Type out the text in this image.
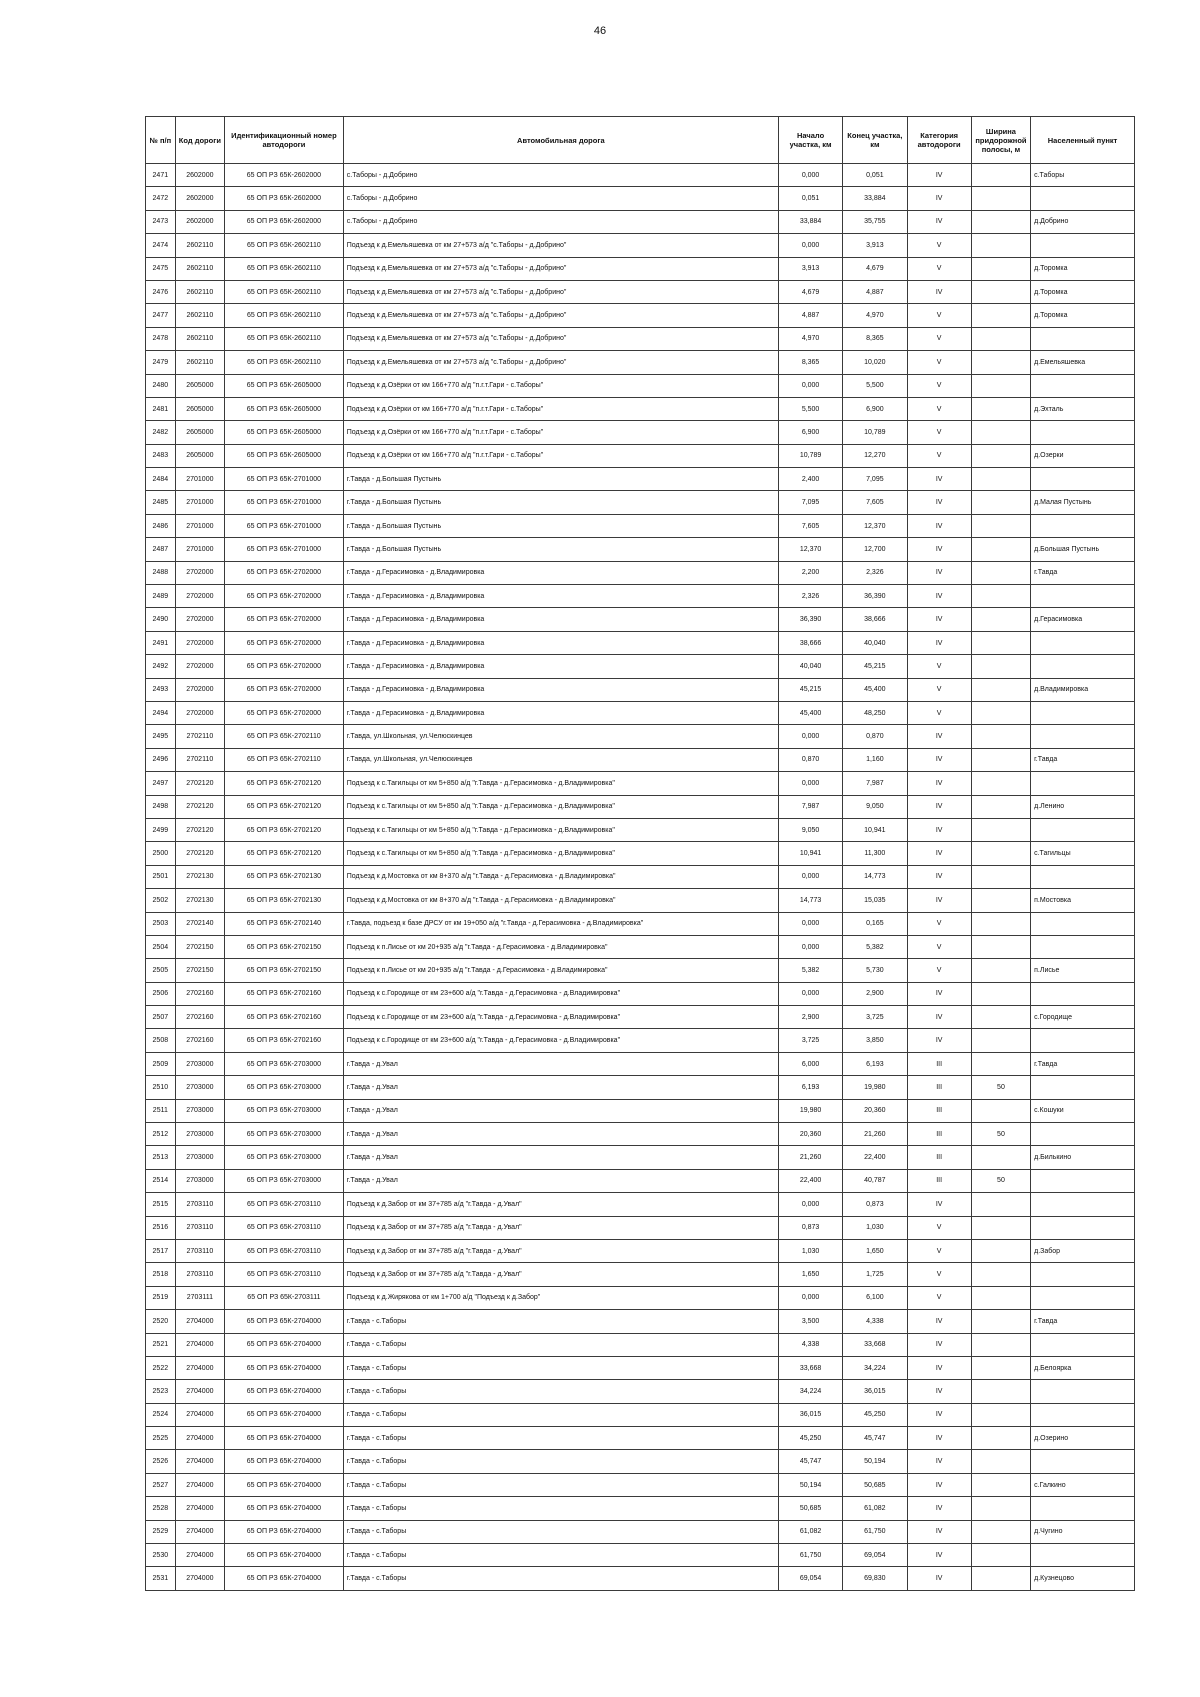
46
№ п/п	Код дороги	Идентификационный номер автодороги	Автомобильная дорога	Начало участка, км	Конец участка, км	Категория автодороги	Ширина придорожной полосы, м	Населенный пункт
2471	2602000	65 ОП РЗ 65К-2602000	с.Таборы - д.Добрино	0,000	0,051	IV		с.Таборы
2472	2602000	65 ОП РЗ 65К-2602000	с.Таборы - д.Добрино	0,051	33,884	IV		
2473	2602000	65 ОП РЗ 65К-2602000	с.Таборы - д.Добрино	33,884	35,755	IV		д.Добрино
2474	2602110	65 ОП РЗ 65К-2602110	Подъезд к д.Емельяшевка от км 27+573 а/д "с.Таборы - д.Добрино"	0,000	3,913	V		
2475	2602110	65 ОП РЗ 65К-2602110	Подъезд к д.Емельяшевка от км 27+573 а/д "с.Таборы - д.Добрино"	3,913	4,679	V		д.Торомка
2476	2602110	65 ОП РЗ 65К-2602110	Подъезд к д.Емельяшевка от км 27+573 а/д "с.Таборы - д.Добрино"	4,679	4,887	IV		д.Торомка
2477	2602110	65 ОП РЗ 65К-2602110	Подъезд к д.Емельяшевка от км 27+573 а/д "с.Таборы - д.Добрино"	4,887	4,970	V		д.Торомка
2478	2602110	65 ОП РЗ 65К-2602110	Подъезд к д.Емельяшевка от км 27+573 а/д "с.Таборы - д.Добрино"	4,970	8,365	V		
2479	2602110	65 ОП РЗ 65К-2602110	Подъезд к д.Емельяшевка от км 27+573 а/д "с.Таборы - д.Добрино"	8,365	10,020	V		д.Емельяшевка
2480	2605000	65 ОП РЗ 65К-2605000	Подъезд к д.Озёрки от км 166+770 а/д "п.г.т.Гари - с.Таборы"	0,000	5,500	V		
2481	2605000	65 ОП РЗ 65К-2605000	Подъезд к д.Озёрки от км 166+770 а/д "п.г.т.Гари - с.Таборы"	5,500	6,900	V		д.Эхталь
2482	2605000	65 ОП РЗ 65К-2605000	Подъезд к д.Озёрки от км 166+770 а/д "п.г.т.Гари - с.Таборы"	6,900	10,789	V		
2483	2605000	65 ОП РЗ 65К-2605000	Подъезд к д.Озёрки от км 166+770 а/д "п.г.т.Гари - с.Таборы"	10,789	12,270	V		д.Озерки
2484	2701000	65 ОП РЗ 65К-2701000	г.Тавда - д.Большая Пустынь	2,400	7,095	IV		
2485	2701000	65 ОП РЗ 65К-2701000	г.Тавда - д.Большая Пустынь	7,095	7,605	IV		д.Малая Пустынь
2486	2701000	65 ОП РЗ 65К-2701000	г.Тавда - д.Большая Пустынь	7,605	12,370	IV		
2487	2701000	65 ОП РЗ 65К-2701000	г.Тавда - д.Большая Пустынь	12,370	12,700	IV		д.Большая Пустынь
2488	2702000	65 ОП РЗ 65К-2702000	г.Тавда - д.Герасимовка - д.Владимировка	2,200	2,326	IV		г.Тавда
2489	2702000	65 ОП РЗ 65К-2702000	г.Тавда - д.Герасимовка - д.Владимировка	2,326	36,390	IV		
2490	2702000	65 ОП РЗ 65К-2702000	г.Тавда - д.Герасимовка - д.Владимировка	36,390	38,666	IV		д.Герасимовка
2491	2702000	65 ОП РЗ 65К-2702000	г.Тавда - д.Герасимовка - д.Владимировка	38,666	40,040	IV		
2492	2702000	65 ОП РЗ 65К-2702000	г.Тавда - д.Герасимовка - д.Владимировка	40,040	45,215	V		
2493	2702000	65 ОП РЗ 65К-2702000	г.Тавда - д.Герасимовка - д.Владимировка	45,215	45,400	V		д.Владимировка
2494	2702000	65 ОП РЗ 65К-2702000	г.Тавда - д.Герасимовка - д.Владимировка	45,400	48,250	V		
2495	2702110	65 ОП РЗ 65К-2702110	г.Тавда, ул.Школьная, ул.Челюскинцев	0,000	0,870	IV		
2496	2702110	65 ОП РЗ 65К-2702110	г.Тавда, ул.Школьная, ул.Челюскинцев	0,870	1,160	IV		г.Тавда
2497	2702120	65 ОП РЗ 65К-2702120	Подъезд к с.Тагильцы от км 5+850 а/д "г.Тавда - д.Герасимовка - д.Владимировка"	0,000	7,987	IV		
2498	2702120	65 ОП РЗ 65К-2702120	Подъезд к с.Тагильцы от км 5+850 а/д "г.Тавда - д.Герасимовка - д.Владимировка"	7,987	9,050	IV		д.Ленино
2499	2702120	65 ОП РЗ 65К-2702120	Подъезд к с.Тагильцы от км 5+850 а/д "г.Тавда - д.Герасимовка - д.Владимировка"	9,050	10,941	IV		
2500	2702120	65 ОП РЗ 65К-2702120	Подъезд к с.Тагильцы от км 5+850 а/д "г.Тавда - д.Герасимовка - д.Владимировка"	10,941	11,300	IV		с.Тагильцы
2501	2702130	65 ОП РЗ 65К-2702130	Подъезд к д.Мостовка от км 8+370 а/д "г.Тавда - д.Герасимовка - д.Владимировка"	0,000	14,773	IV		
2502	2702130	65 ОП РЗ 65К-2702130	Подъезд к д.Мостовка от км 8+370 а/д "г.Тавда - д.Герасимовка - д.Владимировка"	14,773	15,035	IV		п.Мостовка
2503	2702140	65 ОП РЗ 65К-2702140	г.Тавда, подъезд к базе ДРСУ от км 19+050 а/д "г.Тавда - д.Герасимовка - д.Владимировка"	0,000	0,165	V		
2504	2702150	65 ОП РЗ 65К-2702150	Подъезд к п.Лисье от км 20+935 а/д "г.Тавда - д.Герасимовка - д.Владимировка"	0,000	5,382	V		
2505	2702150	65 ОП РЗ 65К-2702150	Подъезд к п.Лисье от км 20+935 а/д "г.Тавда - д.Герасимовка - д.Владимировка"	5,382	5,730	V		п.Лисье
2506	2702160	65 ОП РЗ 65К-2702160	Подъезд к с.Городище от км 23+600 а/д "г.Тавда - д.Герасимовка - д.Владимировка"	0,000	2,900	IV		
2507	2702160	65 ОП РЗ 65К-2702160	Подъезд к с.Городище от км 23+600 а/д "г.Тавда - д.Герасимовка - д.Владимировка"	2,900	3,725	IV		с.Городище
2508	2702160	65 ОП РЗ 65К-2702160	Подъезд к с.Городище от км 23+600 а/д "г.Тавда - д.Герасимовка - д.Владимировка"	3,725	3,850	IV		
2509	2703000	65 ОП РЗ 65К-2703000	г.Тавда - д.Увал	6,000	6,193	III		г.Тавда
2510	2703000	65 ОП РЗ 65К-2703000	г.Тавда - д.Увал	6,193	19,980	III	50	
2511	2703000	65 ОП РЗ 65К-2703000	г.Тавда - д.Увал	19,980	20,360	III		с.Кошуки
2512	2703000	65 ОП РЗ 65К-2703000	г.Тавда - д.Увал	20,360	21,260	III	50	
2513	2703000	65 ОП РЗ 65К-2703000	г.Тавда - д.Увал	21,260	22,400	III		д.Билькино
2514	2703000	65 ОП РЗ 65К-2703000	г.Тавда - д.Увал	22,400	40,787	III	50	
2515	2703110	65 ОП РЗ 65К-2703110	Подъезд к д.Забор от км 37+785 а/д "г.Тавда - д.Увал"	0,000	0,873	IV		
2516	2703110	65 ОП РЗ 65К-2703110	Подъезд к д.Забор от км 37+785 а/д "г.Тавда - д.Увал"	0,873	1,030	V		
2517	2703110	65 ОП РЗ 65К-2703110	Подъезд к д.Забор от км 37+785 а/д "г.Тавда - д.Увал"	1,030	1,650	V		д.Забор
2518	2703110	65 ОП РЗ 65К-2703110	Подъезд к д.Забор от км 37+785 а/д "г.Тавда - д.Увал"	1,650	1,725	V		
2519	2703111	65 ОП РЗ 65К-2703111	Подъезд к д.Жиряковa от км 1+700 а/д "Подъезд к д.Забор"	0,000	6,100	V		
2520	2704000	65 ОП РЗ 65К-2704000	г.Тавда - с.Таборы	3,500	4,338	IV		г.Тавда
2521	2704000	65 ОП РЗ 65К-2704000	г.Тавда - с.Таборы	4,338	33,668	IV		
2522	2704000	65 ОП РЗ 65К-2704000	г.Тавда - с.Таборы	33,668	34,224	IV		д.Белоярка
2523	2704000	65 ОП РЗ 65К-2704000	г.Тавда - с.Таборы	34,224	36,015	IV		
2524	2704000	65 ОП РЗ 65К-2704000	г.Тавда - с.Таборы	36,015	45,250	IV		
2525	2704000	65 ОП РЗ 65К-2704000	г.Тавда - с.Таборы	45,250	45,747	IV		д.Озерино
2526	2704000	65 ОП РЗ 65К-2704000	г.Тавда - с.Таборы	45,747	50,194	IV		
2527	2704000	65 ОП РЗ 65К-2704000	г.Тавда - с.Таборы	50,194	50,685	IV		с.Галкино
2528	2704000	65 ОП РЗ 65К-2704000	г.Тавда - с.Таборы	50,685	61,082	IV		
2529	2704000	65 ОП РЗ 65К-2704000	г.Тавда - с.Таборы	61,082	61,750	IV		д.Чугино
2530	2704000	65 ОП РЗ 65К-2704000	г.Тавда - с.Таборы	61,750	69,054	IV		
2531	2704000	65 ОП РЗ 65К-2704000	г.Тавда - с.Таборы	69,054	69,830	IV		д.Кузнецово
